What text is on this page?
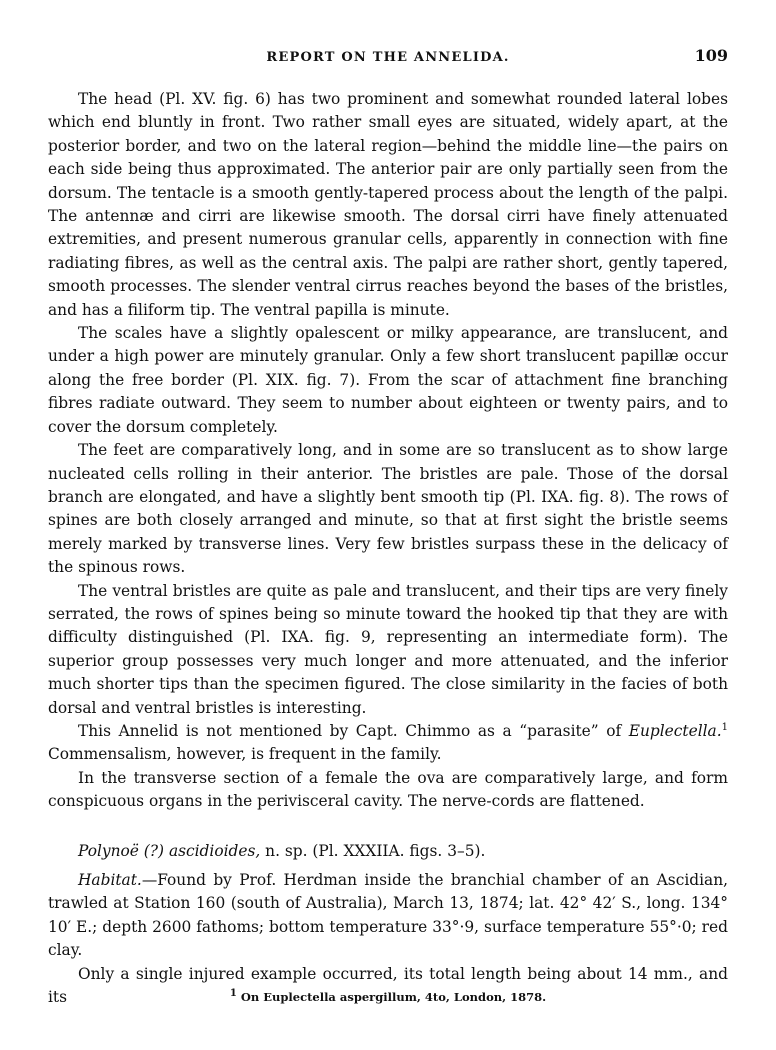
REPORT ON THE ANNELIDA.	109

The head (Pl. XV. fig. 6) has two prominent and somewhat rounded lateral lobes which end bluntly in front. Two rather small eyes are situated, widely apart, at the posterior border, and two on the lateral region—behind the middle line—the pairs on each side being thus approximated. The anterior pair are only partially seen from the dorsum. The tentacle is a smooth gently-tapered process about the length of the palpi. The antennæ and cirri are likewise smooth. The dorsal cirri have finely attenuated extremities, and present numerous granular cells, apparently in connection with fine radiating fibres, as well as the central axis. The palpi are rather short, gently tapered, smooth processes. The slender ventral cirrus reaches beyond the bases of the bristles, and has a filiform tip. The ventral papilla is minute.

The scales have a slightly opalescent or milky appearance, are translucent, and under a high power are minutely granular. Only a few short translucent papillæ occur along the free border (Pl. XIX. fig. 7). From the scar of attachment fine branching fibres radiate outward. They seem to number about eighteen or twenty pairs, and to cover the dorsum completely.

The feet are comparatively long, and in some are so translucent as to show large nucleated cells rolling in their anterior. The bristles are pale. Those of the dorsal branch are elongated, and have a slightly bent smooth tip (Pl. IXA. fig. 8). The rows of spines are both closely arranged and minute, so that at first sight the bristle seems merely marked by transverse lines. Very few bristles surpass these in the delicacy of the spinous rows.

The ventral bristles are quite as pale and translucent, and their tips are very finely serrated, the rows of spines being so minute toward the hooked tip that they are with difficulty distinguished (Pl. IXA. fig. 9, representing an intermediate form). The superior group possesses very much longer and more attenuated, and the inferior much shorter tips than the specimen figured. The close similarity in the facies of both dorsal and ventral bristles is interesting.

This Annelid is not mentioned by Capt. Chimmo as a “parasite” of Euplectella.$^1$ Commensalism, however, is frequent in the family.

In the transverse section of a female the ova are comparatively large, and form conspicuous organs in the perivisceral cavity. The nerve-cords are flattened.

Polynoë (?) ascidioides, n. sp. (Pl. XXXIIA. figs. 3–5).

Habitat.—Found by Prof. Herdman inside the branchial chamber of an Ascidian, trawled at Station 160 (south of Australia), March 13, 1874; lat. 42° 42′ S., long. 134° 10′ E.; depth 2600 fathoms; bottom temperature 33°·9, surface temperature 55°·0; red clay.

Only a single injured example occurred, its total length being about 14 mm., and its	$^1$ On Euplectella aspergillum, 4to, London, 1878.
